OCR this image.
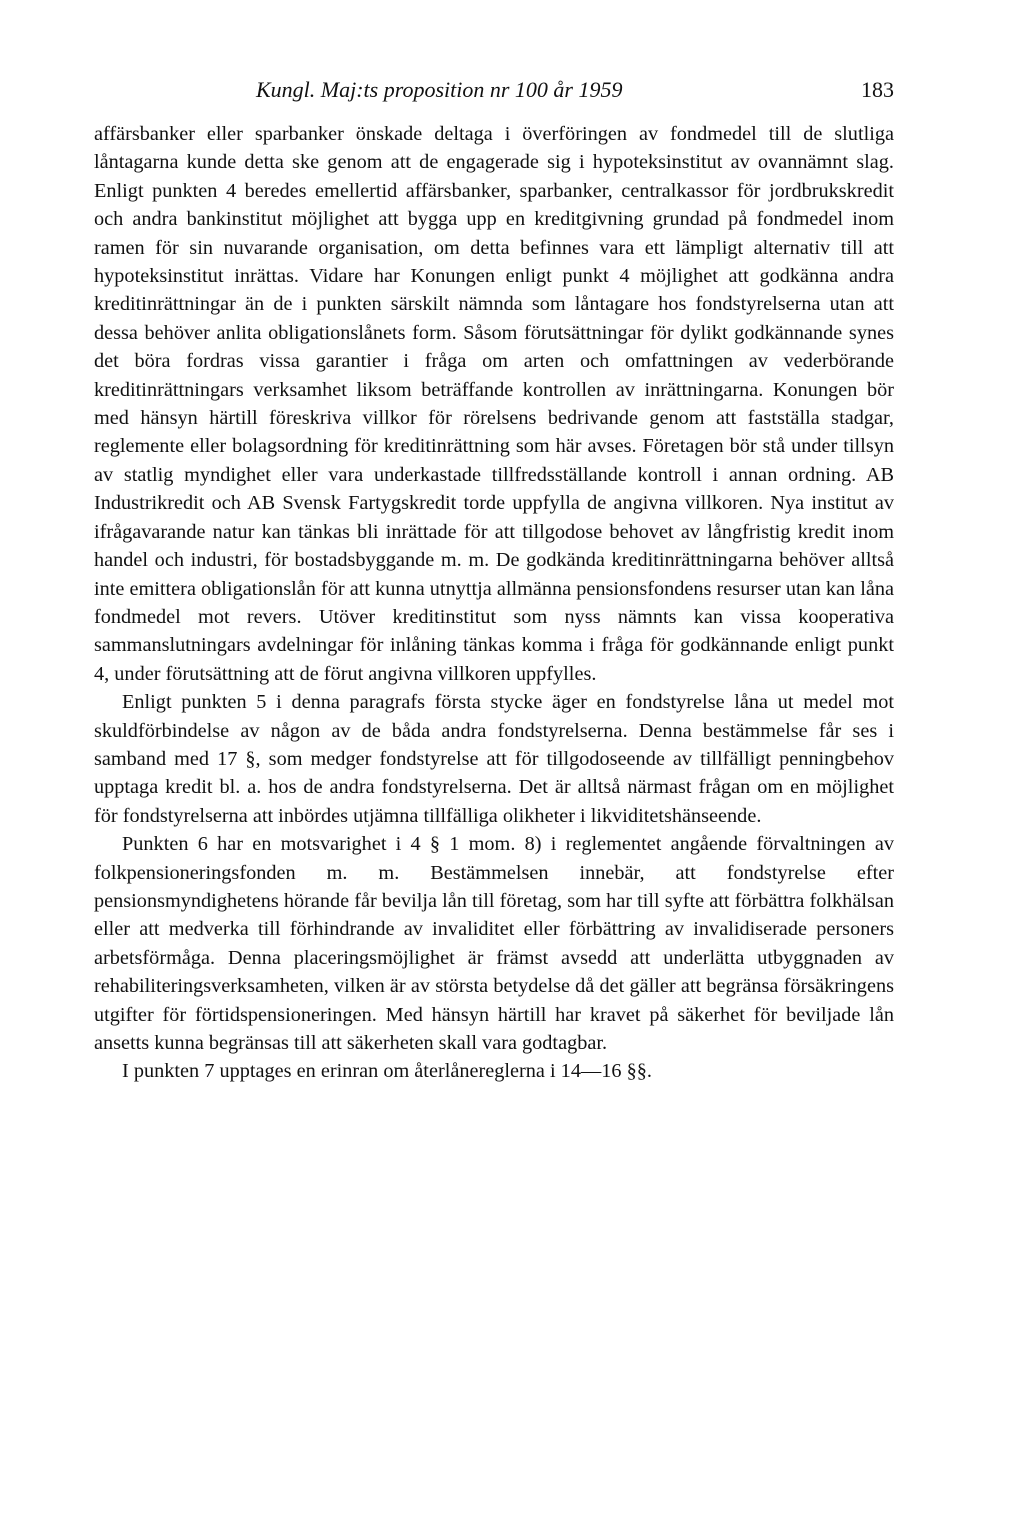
Kungl. Maj:ts proposition nr 100 år 1959	183

affärsbanker eller sparbanker önskade deltaga i överföringen av fondmedel till de slutliga låntagarna kunde detta ske genom att de engagerade sig i hypoteksinstitut av ovannämnt slag. Enligt punkten 4 beredes emellertid affärsbanker, sparbanker, centralkassor för jordbrukskredit och andra bankinstitut möjlighet att bygga upp en kreditgivning grundad på fondmedel inom ramen för sin nuvarande organisation, om detta befinnes vara ett lämpligt alternativ till att hypoteksinstitut inrättas. Vidare har Konungen enligt punkt 4 möjlighet att godkänna andra kreditinrättningar än de i punkten särskilt nämnda som låntagare hos fondstyrelserna utan att dessa behöver anlita obligationslånets form. Såsom förutsättningar för dylikt godkännande synes det böra fordras vissa garantier i fråga om arten och omfattningen av vederbörande kreditinrättningars verksamhet liksom beträffande kontrollen av inrättningarna. Konungen bör med hänsyn härtill föreskriva villkor för rörelsens bedrivande genom att fastställa stadgar, reglemente eller bolagsordning för kreditinrättning som här avses. Företagen bör stå under tillsyn av statlig myndighet eller vara underkastade tillfredsställande kontroll i annan ordning. AB Industrikredit och AB Svensk Fartygskredit torde uppfylla de angivna villkoren. Nya institut av ifrågavarande natur kan tänkas bli inrättade för att tillgodose behovet av långfristig kredit inom handel och industri, för bostadsbyggande m. m. De godkända kreditinrättningarna behöver alltså inte emittera obligationslån för att kunna utnyttja allmänna pensionsfondens resurser utan kan låna fondmedel mot revers. Utöver kreditinstitut som nyss nämnts kan vissa kooperativa sammanslutningars avdelningar för inlåning tänkas komma i fråga för godkännande enligt punkt 4, under förutsättning att de förut angivna villkoren uppfylles.

Enligt punkten 5 i denna paragrafs första stycke äger en fondstyrelse låna ut medel mot skuldförbindelse av någon av de båda andra fondstyrelserna. Denna bestämmelse får ses i samband med 17 §, som medger fondstyrelse att för tillgodoseende av tillfälligt penningbehov upptaga kredit bl. a. hos de andra fondstyrelserna. Det är alltså närmast frågan om en möjlighet för fondstyrelserna att inbördes utjämna tillfälliga olikheter i likviditetshänseende.

Punkten 6 har en motsvarighet i 4 § 1 mom. 8) i reglementet angående förvaltningen av folkpensioneringsfonden m. m. Bestämmelsen innebär, att fondstyrelse efter pensionsmyndighetens hörande får bevilja lån till företag, som har till syfte att förbättra folkhälsan eller att medverka till förhindrande av invaliditet eller förbättring av invalidiserade personers arbetsförmåga. Denna placeringsmöjlighet är främst avsedd att underlätta utbyggnaden av rehabiliteringsverksamheten, vilken är av största betydelse då det gäller att begränsa försäkringens utgifter för förtidspensioneringen. Med hänsyn härtill har kravet på säkerhet för beviljade lån ansetts kunna begränsas till att säkerheten skall vara godtagbar.

I punkten 7 upptages en erinran om återlånereglerna i 14—16 §§.
